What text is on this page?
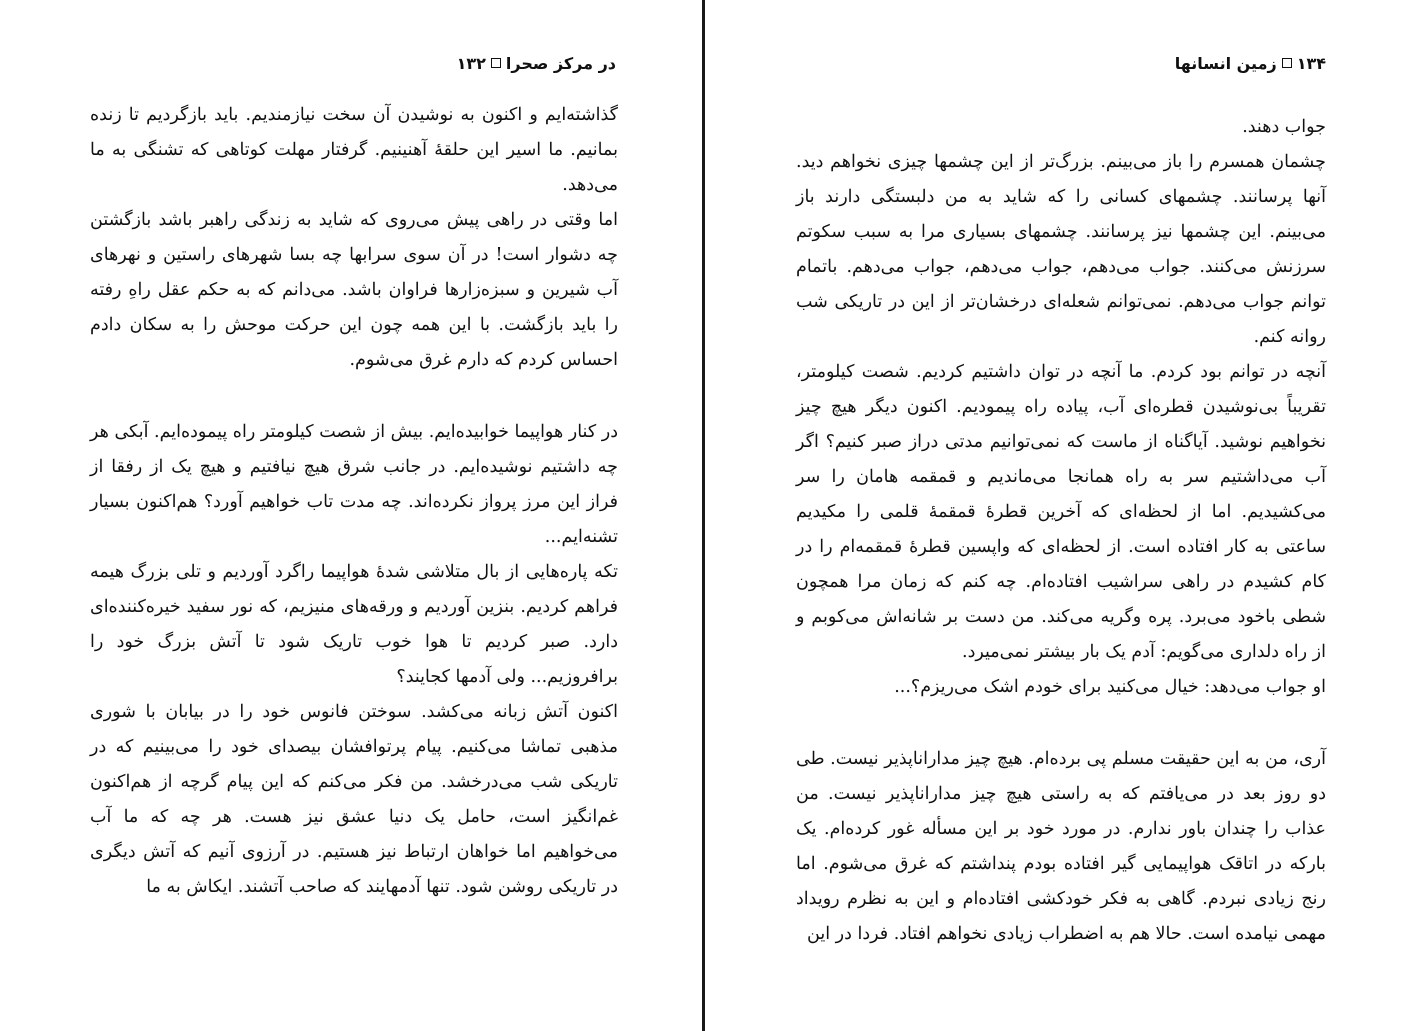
در مرکز صحرا
۱۳۲

گذاشته‌ایم و اکنون به نوشیدن آن سخت نیازمندیم. باید بازگردیم تا زنده بمانیم. ما اسیر این حلقهٔ آهنینیم. گرفتار مهلت کوتاهی که تشنگی به ما می‌دهد.

اما وقتی در راهی پیش می‌روی که شاید به زندگی راهبر باشد بازگشتن چه دشوار است! در آن سوی سرابها چه بسا شهرهای راستین و نهرهای آب شیرین و سبزه‌زارها فراوان باشد. می‌دانم که به حکم عقل راهِ رفته را باید بازگشت. با این همه چون این حرکت موحش را به سکان دادم احساس کردم که دارم غرق می‌شوم.

در کنار هواپیما خوابیده‌ایم. بیش از شصت کیلومتر راه پیموده‌ایم. آبکی هر چه داشتیم نوشیده‌ایم. در جانب شرق هیچ نیافتیم و هیچ یک از رفقا از فراز این مرز پرواز نکرده‌اند. چه مدت تاب خواهیم آورد؟ هم‌اکنون بسیار تشنه‌ایم...

تکه پاره‌هایی از بال متلاشی شدهٔ هواپیما راگرد آوردیم و تلی بزرگ هیمه فراهم کردیم. بنزین آوردیم و ورقه‌های منیزیم، که نور سفید خیره‌کننده‌ای دارد. صبر کردیم تا هوا خوب تاریک شود تا آتش بزرگ خود را برافروزیم... ولی آدمها کجایند؟

اکنون آتش زبانه می‌کشد. سوختن فانوس خود را در بیابان با شوری مذهبی تماشا می‌کنیم. پیام پرتوافشان بیصدای خود را می‌بینیم که در تاریکی شب می‌درخشد. من فکر می‌کنم که این پیام گرچه از هم‌اکنون غم‌انگیز است، حامل یک دنیا عشق نیز هست. هر چه که ما آب می‌خواهیم اما خواهان ارتباط نیز هستیم. در آرزوی آنیم که آتش دیگری در تاریکی روشن شود. تنها آدمهایند که صاحب آتشند. ایکاش به ما

۱۳۴
زمین انسانها

جواب دهند.

چشمان همسرم را باز می‌بینم. بزرگ‌تر از این چشمها چیزی نخواهم دید. آنها پرسانند. چشمهای کسانی را که شاید به من دلبستگی دارند باز می‌بینم. این چشمها نیز پرسانند. چشمهای بسیاری مرا به سبب سکوتم سرزنش می‌کنند. جواب می‌دهم، جواب می‌دهم، جواب می‌دهم. باتمام توانم جواب می‌دهم. نمی‌توانم شعله‌ای درخشان‌تر از این در تاریکی شب روانه کنم.

آنچه در توانم بود کردم. ما آنچه در توان داشتیم کردیم. شصت کیلومتر، تقریباً بی‌نوشیدن قطره‌ای آب، پیاده راه پیمودیم. اکنون دیگر هیچ چیز نخواهیم نوشید. آیاگناه از ماست که نمی‌توانیم مدتی دراز صبر کنیم؟ اگر آب می‌داشتیم سر به راه همانجا می‌ماندیم و قمقمه هامان را سر می‌کشیدیم. اما از لحظه‌ای که آخرین قطرهٔ قمقمهٔ قلمی را مکیدیم ساعتی به کار افتاده است. از لحظه‌ای که واپسین قطرهٔ قمقمه‌ام را در کام کشیدم در راهی سراشیب افتاده‌ام. چه کنم که زمان مرا همچون شطی باخود می‌برد. پره وگریه می‌کند. من دست بر شانه‌اش می‌کوبم و از راه دلداری می‌گویم: آدم یک بار بیشتر نمی‌میرد.

او جواب می‌دهد: خیال می‌کنید برای خودم اشک می‌ریزم؟...

آری، من به این حقیقت مسلم پی بردەام. هیچ چیز مدارانا‌پذیر نیست. طی دو روز بعد در می‌یافتم که به راستی هیچ چیز مداراناپذیر نیست. من عذاب را چندان باور ندارم. در مورد خود بر این مسأله غور کرده‌ام. یک بارکه در اتاقک هواپیمایی گیر افتاده بودم پنداشتم که غرق می‌شوم. اما رنج زیادی نبردم. گاهی به فکر خودکشی افتاده‌ام و این به نظرم رویداد مهمی نیامده است. حالا هم به اضطراب زیادی نخواهم افتاد. فردا در این
